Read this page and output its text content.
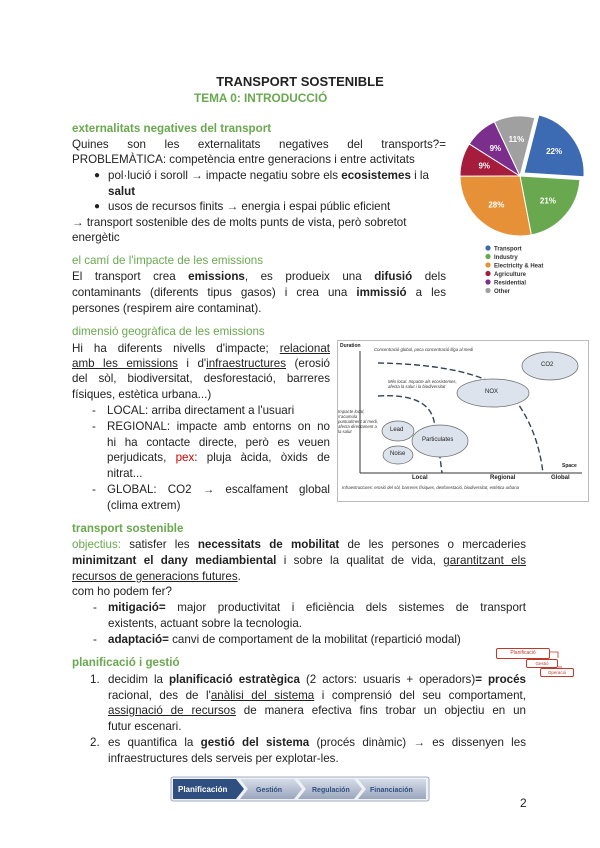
TRANSPORT SOSTENIBLE
TEMA 0: INTRODUCCIÓ
22%
21%
28%
9%
9%
11%
Transport
Industry
Electricity & Heat
Agriculture
Residential
Other
externalitats negatives del transport
Quines son les externalitats negatives del transports?=
PROBLEMÀTICA: competència entre generacions i entre activitats
● pol·lució i soroll → impacte negatiu sobre els ecosistemes i la
salut
● usos de recursos finits → energia i espai públic eficient
→ transport sostenible des de molts punts de vista, però sobretot
energètic
el camí de l'impacte de les emissions
El transport crea emissions, es produeix una difusió dels
contaminants (diferents tipus gasos) i crea una immissió a les
persones (respirem aire contaminat).
dimensió geogràfica de les emissions
Hi ha diferents nivells d'impacte; relacionat
amb les emissions i d'infraestructures (erosió
del sòl, biodiversitat, desforestació, barreres
físiques, estètica urbana...)
- LOCAL: arriba directament a l'usuari
- REGIONAL: impacte amb entorns on no
hi ha contacte directe, però es veuen
perjudicats, pex: pluja àcida, òxids de
nitrat...
- GLOBAL: CO2 → escalfament global
(clima extrem)
Duration
Space
Local	Regional	Global
CO2
NOX
Lead
Particulates
Noise
Concentració global, poca concentració lliga al medi
Més local. Impacte als ecosistemes, afecta la salut i la biodiversitat
Impacte local, s'acumula puntualment al medi, afecta directament a la salut
Infraestructures: erosió del sòl, barreres físiques, desforestació, biodiversitat, estètica urbana
transport sostenible
objectius: satisfer les necessitats de mobilitat de les persones o mercaderies
minimitzant el dany mediambiental i sobre la qualitat de vida, garantitzant els
recursos de generacions futures.
com ho podem fer?
- mitigació= major productivitat i eficiència dels sistemes de transport
existents, actuant sobre la tecnologia.
- adaptació= canvi de comportament de la mobilitat (repartició modal)
planificació i gestió
Planificació
Gestió
Operació
1. decidim la planificació estratègica (2 actors: usuaris + operadors)= procés
racional, des de l'anàlisi del sistema i comprensió del seu comportament,
assignació de recursos de manera efectiva fins trobar un objectiu en un
futur escenari.
2. es quantifica la gestió del sistema (procés dinàmic) → es dissenyen les
infraestructures dels serveis per explotar-les.
Planificación	Gestión	Regulación	Financiación
2
